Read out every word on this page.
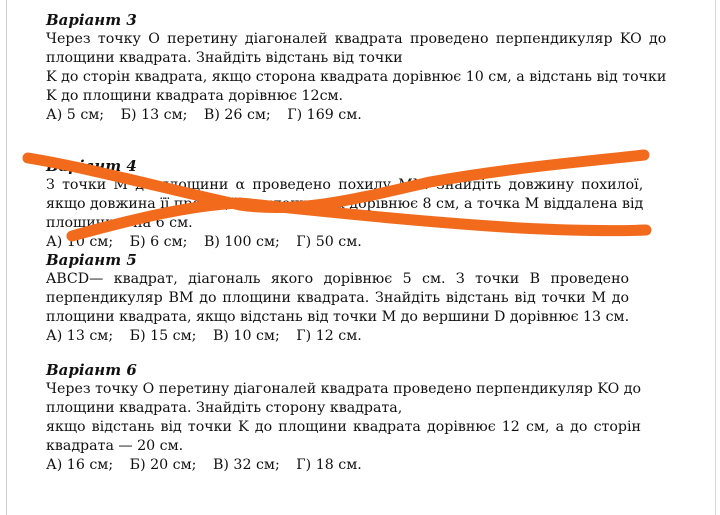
Варіант 3

Через точку O перетину діагоналей квадрата проведено перпендикуляр KO до

площини квадрата. Знайдіть відстань від точки

K до сторін квадрата, якщо сторона квадрата дорівнює 10 см, а відстань від точки

K до площини квадрата дорівнює 12см.

А) 5 см; Б) 13 см; В) 26 см; Г) 169 см.

Варіант 4

З точки M до площини α проведено похилу MN. Знайдіть довжину похилої,

якщо довжина її проекції на площину α дорівнює 8 см, а точка M віддалена від

площини α на 6 см.

А) 10 см; Б) 6 см; В) 100 см; Г) 50 см.

Варіант 5

ABCD— квадрат, діагональ якого дорівнює 5 см. З точки B проведено

перпендикуляр BM до площини квадрата. Знайдіть відстань від точки M до

площини квадрата, якщо відстань від точки M до вершини D дорівнює 13 см.

А) 13 см; Б) 15 см; В) 10 см; Г) 12 см.

Варіант 6

Через точку O перетину діагоналей квадрата проведено перпендикуляр KO до

площини квадрата. Знайдіть сторону квадрата,

якщо відстань від точки K до площини квадрата дорівнює 12 см, а до сторін

квадрата — 20 см.

А) 16 см; Б) 20 см; В) 32 см; Г) 18 см.
